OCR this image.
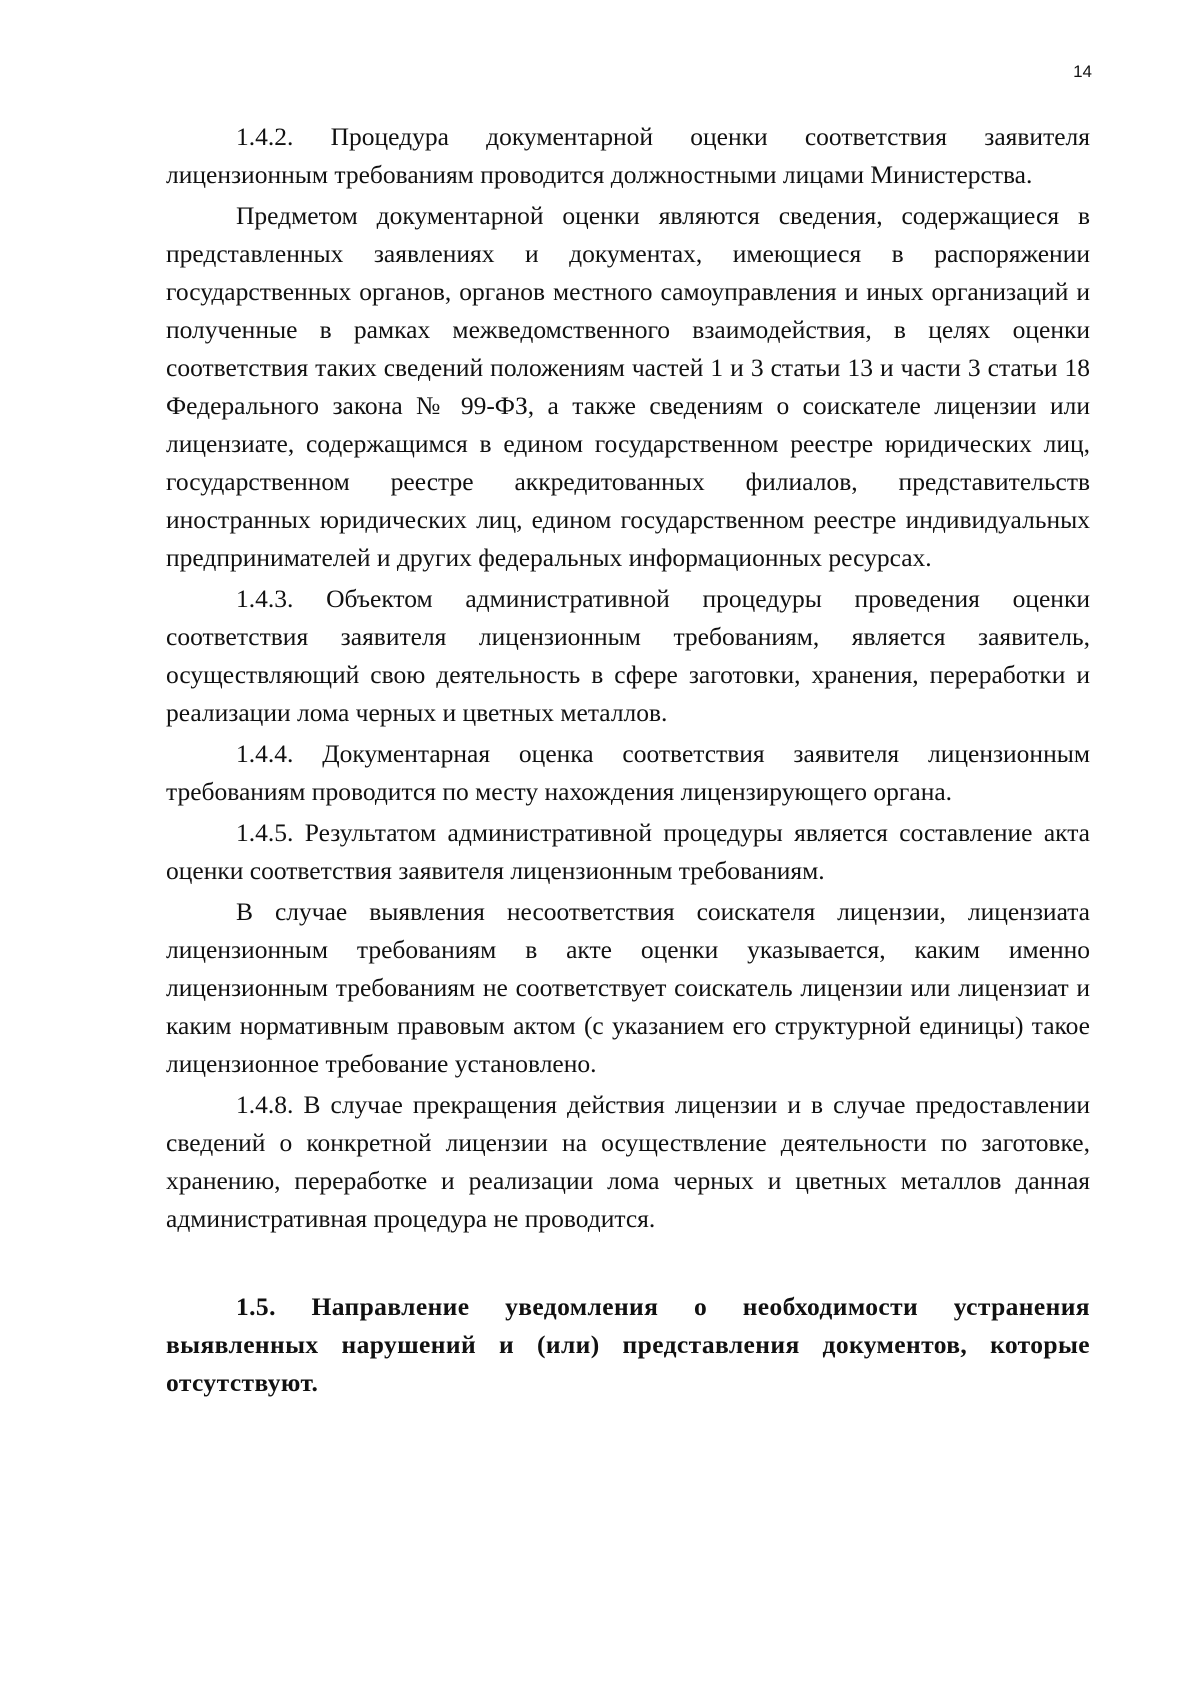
14

1.4.2. Процедура документарной оценки соответствия заявителя лицензионным требованиям проводится должностными лицами Министерства.

Предметом документарной оценки являются сведения, содержащиеся в представленных заявлениях и документах, имеющиеся в распоряжении государственных органов, органов местного самоуправления и иных организаций и полученные в рамках межведомственного взаимодействия, в целях оценки соответствия таких сведений положениям частей 1 и 3 статьи 13 и части 3 статьи 18 Федерального закона № 99-ФЗ, а также сведениям о соискателе лицензии или лицензиате, содержащимся в едином государственном реестре юридических лиц, государственном реестре аккредитованных филиалов, представительств иностранных юридических лиц, едином государственном реестре индивидуальных предпринимателей и других федеральных информационных ресурсах.

1.4.3. Объектом административной процедуры проведения оценки соответствия заявителя лицензионным требованиям, является заявитель, осуществляющий свою деятельность в сфере заготовки, хранения, переработки и реализации лома черных и цветных металлов.

1.4.4. Документарная оценка соответствия заявителя лицензионным требованиям проводится по месту нахождения лицензирующего органа.

1.4.5. Результатом административной процедуры является составление акта оценки соответствия заявителя лицензионным требованиям.

В случае выявления несоответствия соискателя лицензии, лицензиата лицензионным требованиям в акте оценки указывается, каким именно лицензионным требованиям не соответствует соискатель лицензии или лицензиат и каким нормативным правовым актом (с указанием его структурной единицы) такое лицензионное требование установлено.

1.4.8. В случае прекращения действия лицензии и в случае предоставлении сведений о конкретной лицензии на осуществление деятельности по заготовке, хранению, переработке и реализации лома черных и цветных металлов данная административная процедура не проводится.

1.5. Направление уведомления о необходимости устранения выявленных нарушений и (или) представления документов, которые отсутствуют.
